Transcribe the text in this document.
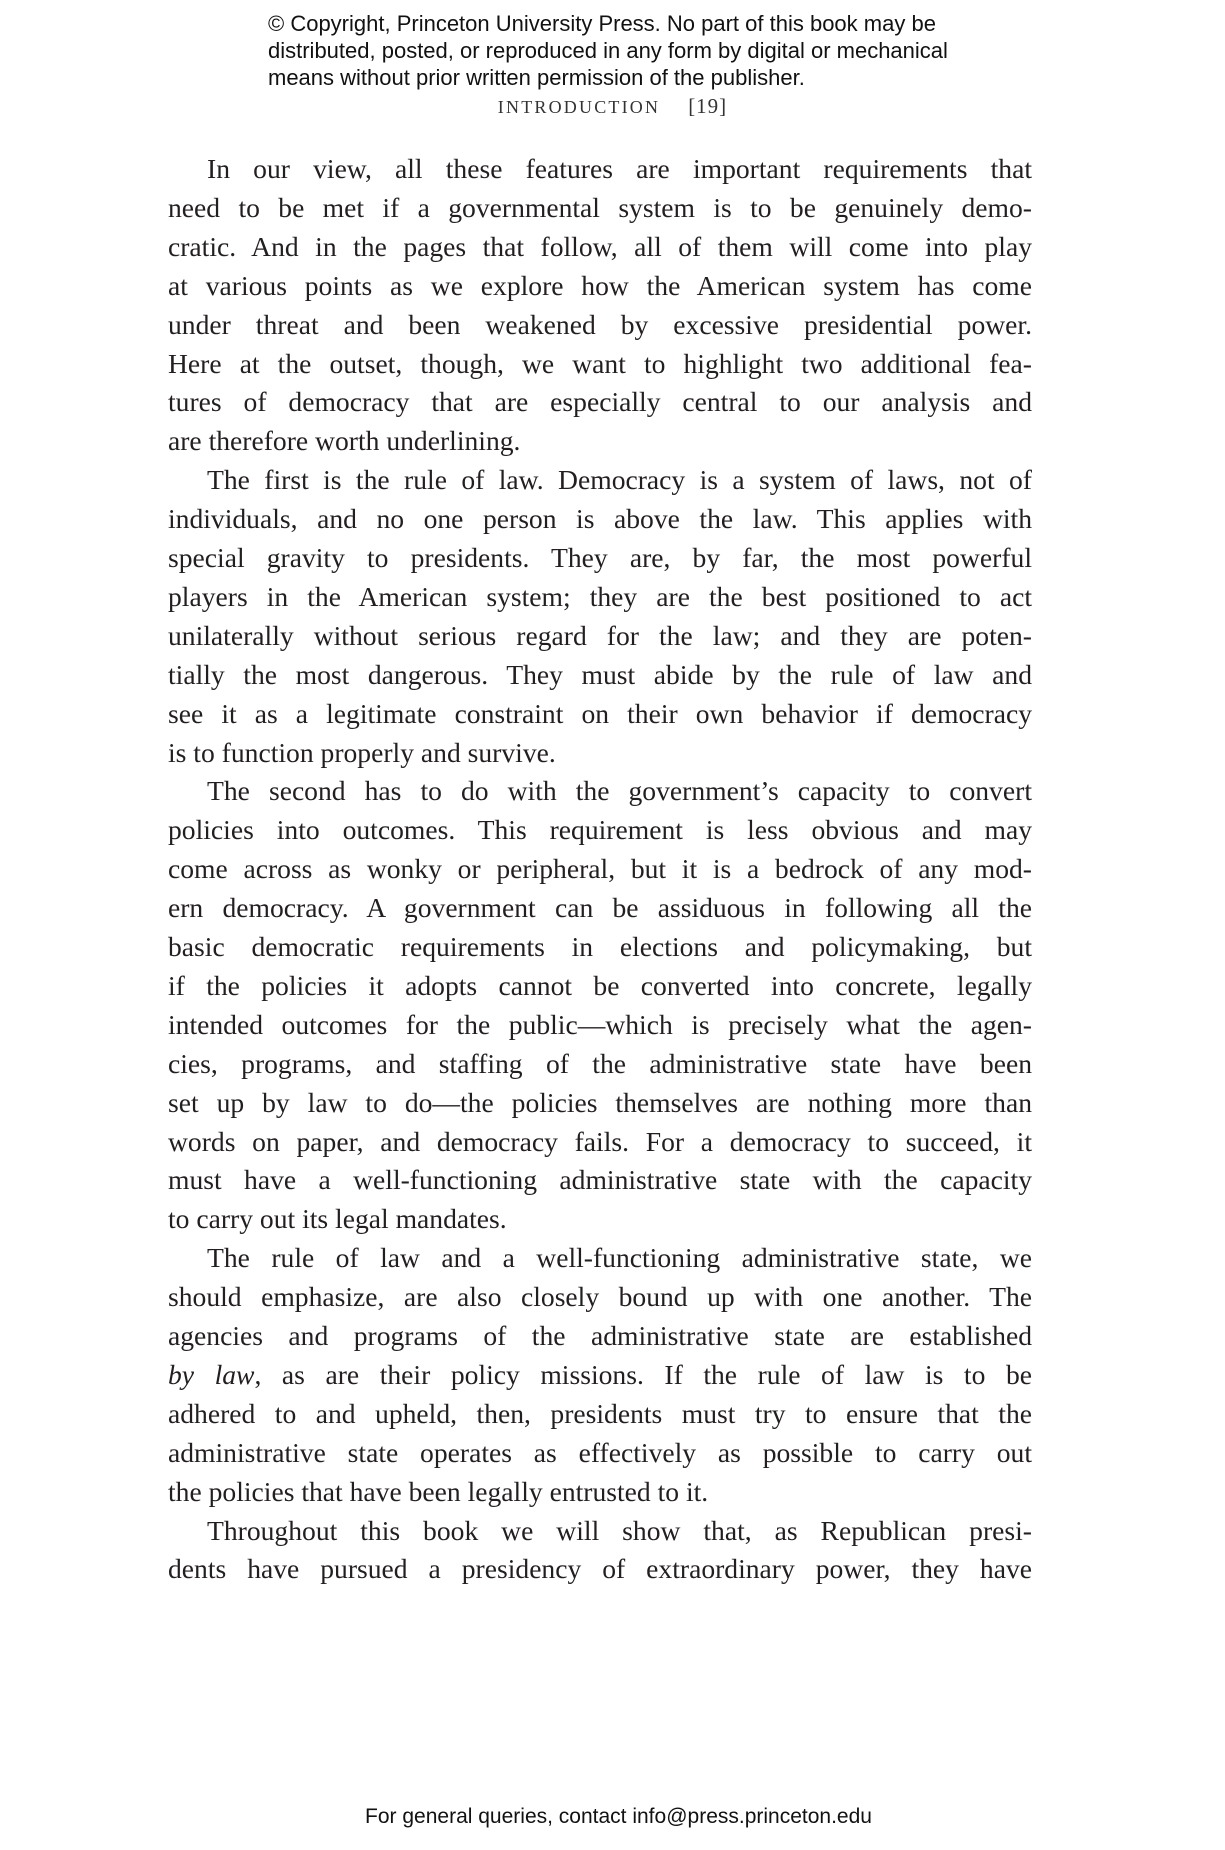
© Copyright, Princeton University Press. No part of this book may be
distributed, posted, or reproduced in any form by digital or mechanical
means without prior written permission of the publisher.
INTRODUCTION [19]
In our view, all these features are important requirements that
need to be met if a governmental system is to be genuinely demo-
cratic. And in the pages that follow, all of them will come into play
at various points as we explore how the American system has come
under threat and been weakened by excessive presidential power.
Here at the outset, though, we want to highlight two additional fea-
tures of democracy that are especially central to our analysis and
are therefore worth underlining.
The first is the rule of law. Democracy is a system of laws, not of
individuals, and no one person is above the law. This applies with
special gravity to presidents. They are, by far, the most powerful
players in the American system; they are the best positioned to act
unilaterally without serious regard for the law; and they are poten-
tially the most dangerous. They must abide by the rule of law and
see it as a legitimate constraint on their own behavior if democracy
is to function properly and survive.
The second has to do with the government’s capacity to convert
policies into outcomes. This requirement is less obvious and may
come across as wonky or peripheral, but it is a bedrock of any mod-
ern democracy. A government can be assiduous in following all the
basic democratic requirements in elections and policymaking, but
if the policies it adopts cannot be converted into concrete, legally
intended outcomes for the public—which is precisely what the agen-
cies, programs, and staffing of the administrative state have been
set up by law to do—the policies themselves are nothing more than
words on paper, and democracy fails. For a democracy to succeed, it
must have a well-functioning administrative state with the capacity
to carry out its legal mandates.
The rule of law and a well-functioning administrative state, we
should emphasize, are also closely bound up with one another. The
agencies and programs of the administrative state are established
by law, as are their policy missions. If the rule of law is to be
adhered to and upheld, then, presidents must try to ensure that the
administrative state operates as effectively as possible to carry out
the policies that have been legally entrusted to it.
Throughout this book we will show that, as Republican presi-
dents have pursued a presidency of extraordinary power, they have
For general queries, contact info@press.princeton.edu
